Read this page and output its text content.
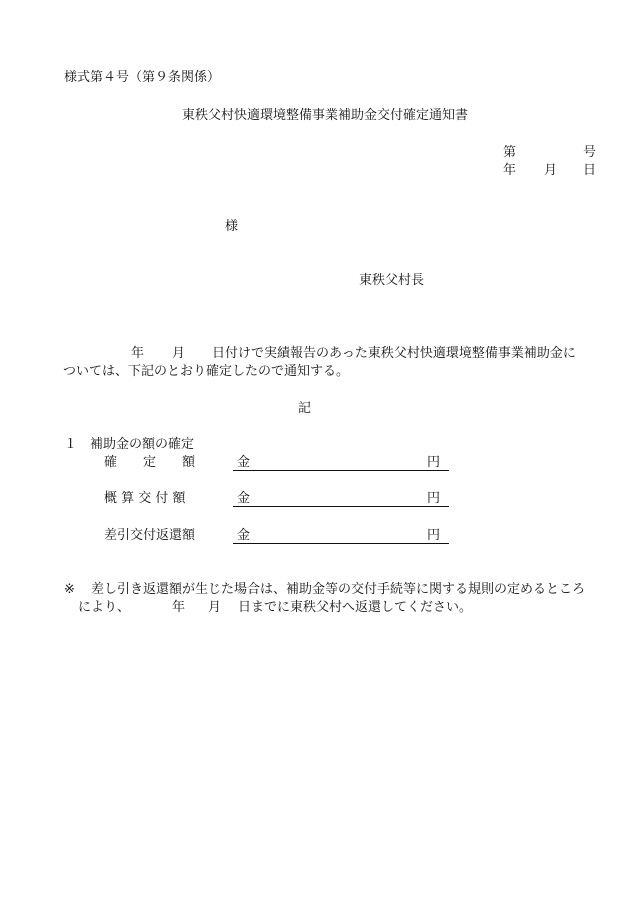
様式第４号（第９条関係）
東秩父村快適環境整備事業補助金交付確定通知書
第	号
年 月 日
様
東秩父村長
年 月 日付けで実績報告のあった東秩父村快適環境整備事業補助金に
ついては、下記のとおり確定したので通知する。
記
１　補助金の額の確定
確　　定　　額	金	円
概 算 交 付 額	金	円
差引交付返還額	金	円
※ 差し引き返還額が生じた場合は、補助金等の交付手続等に関する規則の定めるところ
により、	年 月 日までに東秩父村へ返還してください。
